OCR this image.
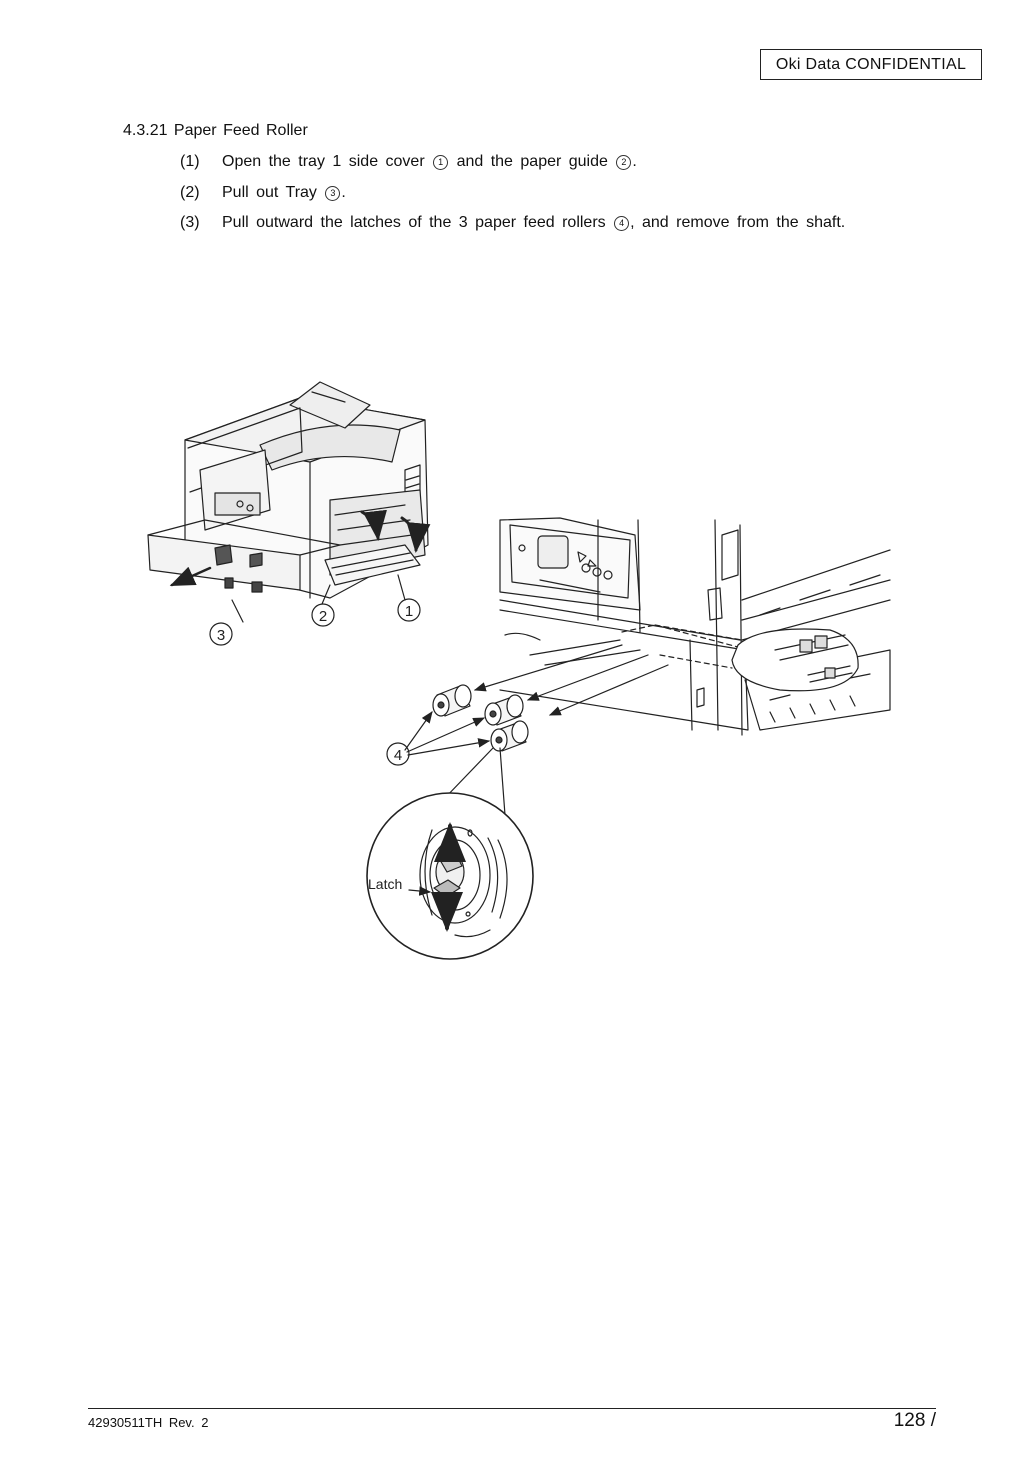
Oki Data CONFIDENTIAL
4.3.21 Paper Feed Roller
(1) Open the tray 1 side cover 1 and the paper guide 2 .
(2) Pull out Tray 3 .
(3) Pull outward the latches of the 3 paper feed rollers 4 , and remove from the shaft.
3
2	1
4
Latch
42930511TH Rev. 2	128 /
